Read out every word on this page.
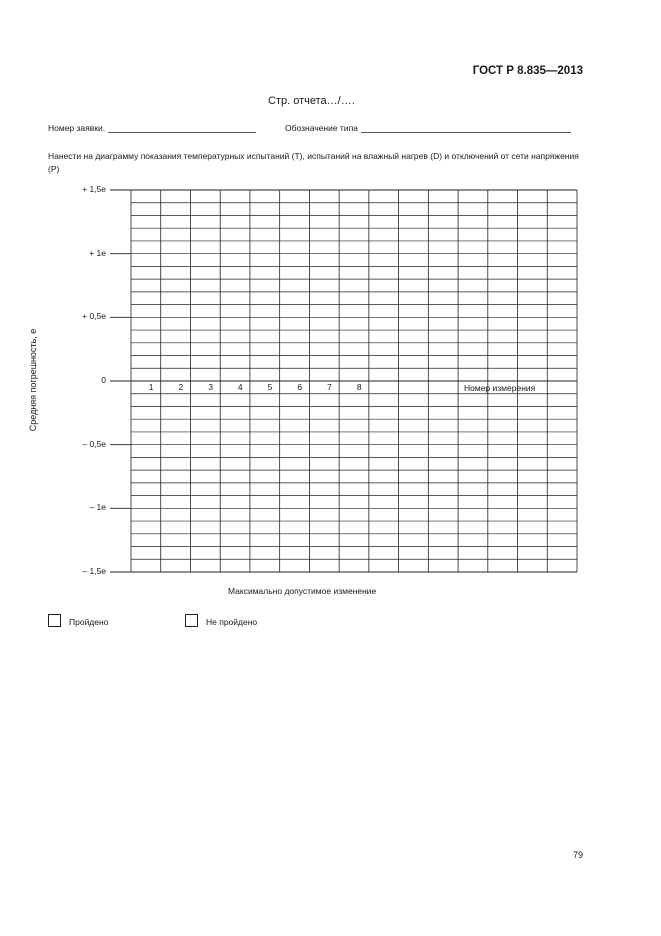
ГОСТ Р 8.835—2013
Стр. отчета…/….
Номер заявки.	Обозначение типа
Нанести на диаграмму показания температурных испытаний (Т), испытаний на влажный нагрев (D) и отключений от сети напряжения (Р)
Средняя погрешность, e
+ 1,5e
+ 1e
+ 0,5e
0
– 0,5e
– 1e
– 1,5e
1	2	3	4	5	6	7	8	Номер измерения
Максимально допустимое изменение
Пройдено	Не пройдено
79
